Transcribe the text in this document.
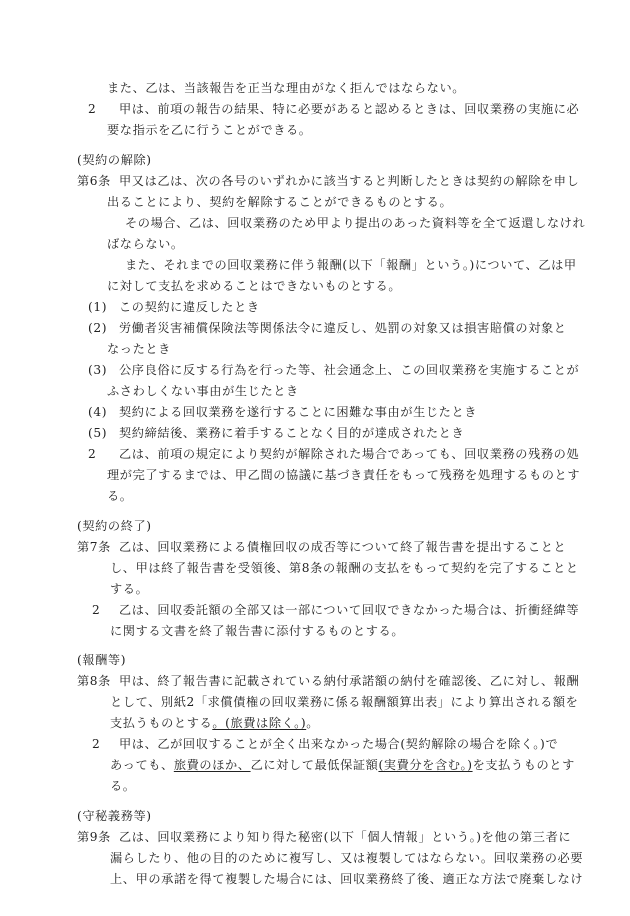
また、乙は、当該報告を正当な理由がなく拒んではならない。
2 甲は、前項の報告の結果、特に必要があると認めるときは、回収業務の実施に必
要な指示を乙に行うことができる。
(契約の解除)
第6条 甲又は乙は、次の各号のいずれかに該当すると判断したときは契約の解除を申し
出ることにより、契約を解除することができるものとする。
その場合、乙は、回収業務のため甲より提出のあった資料等を全て返還しなけれ
ばならない。
また、それまでの回収業務に伴う報酬(以下「報酬」という。)について、乙は甲
に対して支払を求めることはできないものとする。
(1) この契約に違反したとき
(2) 労働者災害補償保険法等関係法令に違反し、処罰の対象又は損害賠償の対象と
なったとき
(3) 公序良俗に反する行為を行った等、社会通念上、この回収業務を実施することが
ふさわしくない事由が生じたとき
(4) 契約による回収業務を遂行することに困難な事由が生じたとき
(5) 契約締結後、業務に着手することなく目的が達成されたとき
2 乙は、前項の規定により契約が解除された場合であっても、回収業務の残務の処
理が完了するまでは、甲乙間の協議に基づき責任をもって残務を処理するものとす
る。
(契約の終了)
第7条 乙は、回収業務による債権回収の成否等について終了報告書を提出することと
し、甲は終了報告書を受領後、第8条の報酬の支払をもって契約を完了することと
する。
2 乙は、回収委託額の全部又は一部について回収できなかった場合は、折衝経緯等
に関する文書を終了報告書に添付するものとする。
(報酬等)
第8条 甲は、終了報告書に記載されている納付承諾額の納付を確認後、乙に対し、報酬
として、別紙2「求償債権の回収業務に係る報酬額算出表」により算出される額を
支払うものとする。(旅費は除く。)。
2 甲は、乙が回収することが全く出来なかった場合(契約解除の場合を除く。)で
あっても、旅費のほか、乙に対して最低保証額(実費分を含む。)を支払うものとす
る。
(守秘義務等)
第9条 乙は、回収業務により知り得た秘密(以下「個人情報」という。)を他の第三者に
漏らしたり、他の目的のために複写し、又は複製してはならない。回収業務の必要
上、甲の承諾を得て複製した場合には、回収業務終了後、適正な方法で廃棄しなけ
